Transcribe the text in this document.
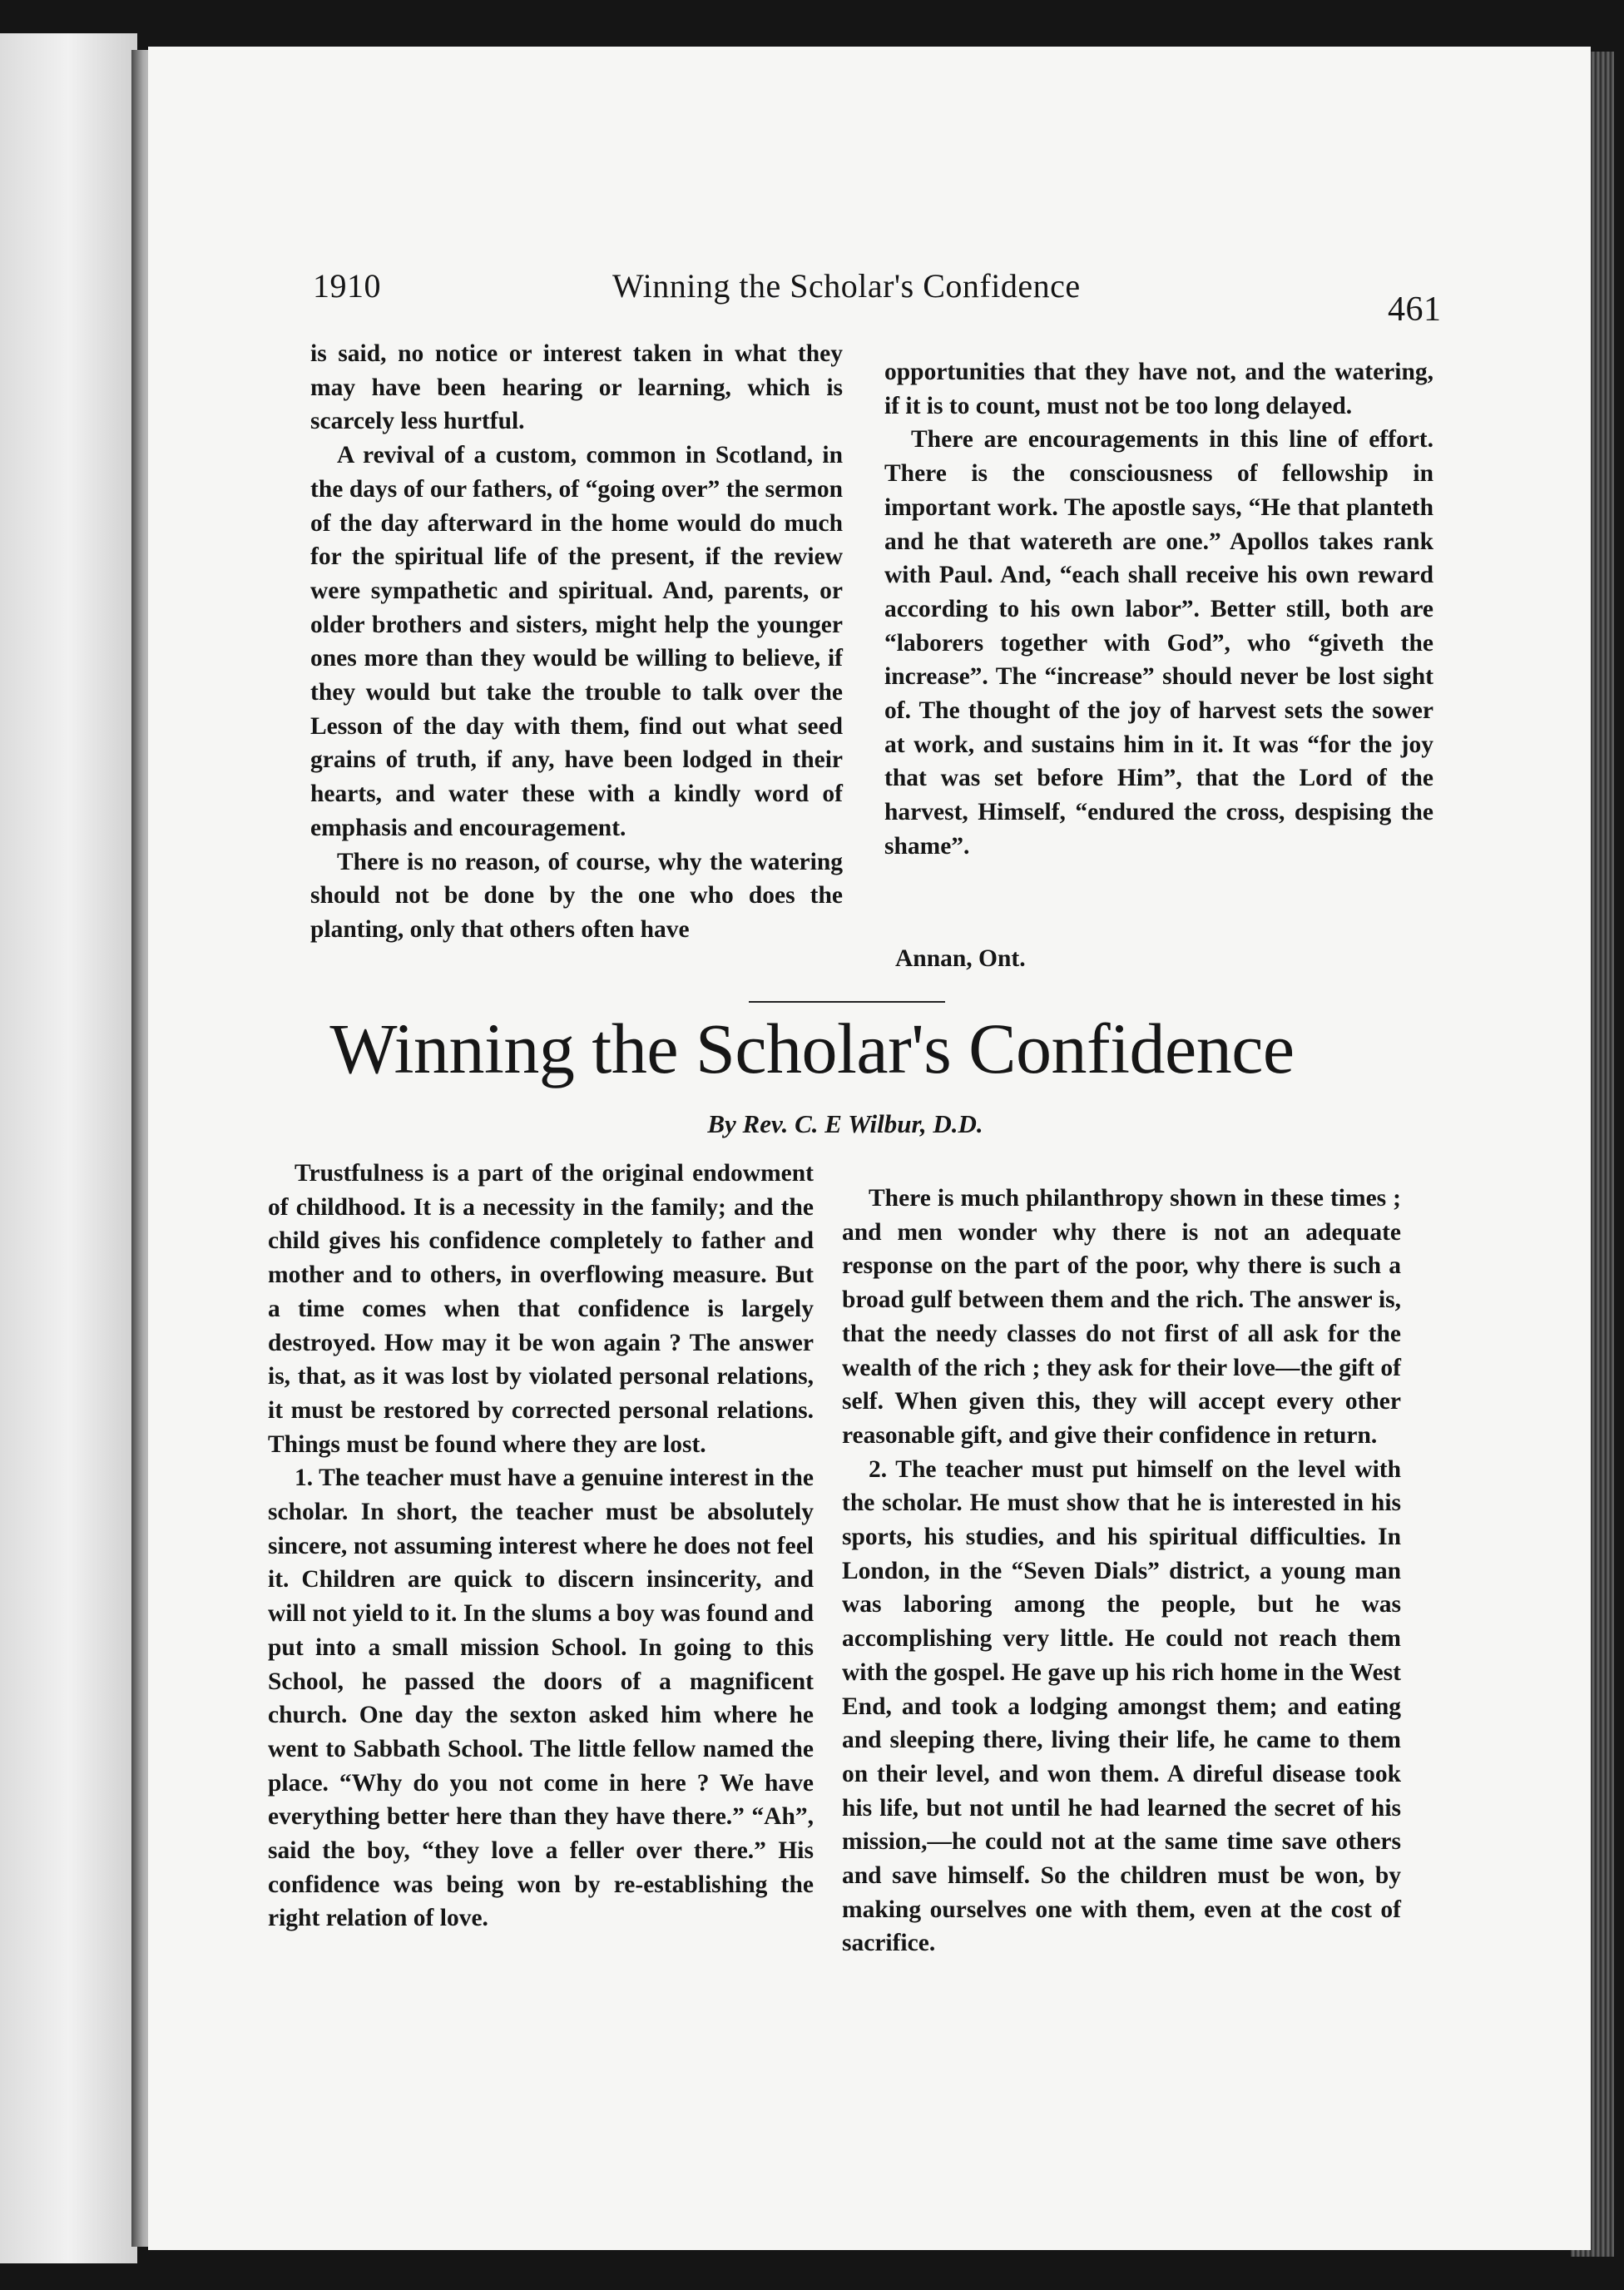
1910	Winning the Scholar's Confidence
461

is said, no notice or interest taken in what they may have been hearing or learning, which is scarcely less hurtful.

A revival of a custom, common in Scotland, in the days of our fathers, of “going over” the sermon of the day afterward in the home would do much for the spiritual life of the present, if the review were sympathetic and spiritual. And, parents, or older brothers and sisters, might help the younger ones more than they would be willing to believe, if they would but take the trouble to talk over the Lesson of the day with them, find out what seed grains of truth, if any, have been lodged in their hearts, and water these with a kindly word of emphasis and encouragement.

There is no reason, of course, why the watering should not be done by the one who does the planting, only that others often have

opportunities that they have not, and the watering, if it is to count, must not be too long delayed.

There are encouragements in this line of effort. There is the consciousness of fellowship in important work. The apostle says, “He that planteth and he that watereth are one.” Apollos takes rank with Paul. And, “each shall receive his own reward according to his own labor”. Better still, both are “laborers together with God”, who “giveth the increase”. The “increase” should never be lost sight of. The thought of the joy of harvest sets the sower at work, and sustains him in it. It was “for the joy that was set before Him”, that the Lord of the harvest, Himself, “endured the cross, despising the shame”.

Annan, Ont.
Winning the Scholar's Confidence
By Rev. C. E Wilbur, D.D.

Trustfulness is a part of the original endowment of childhood. It is a necessity in the family; and the child gives his confidence completely to father and mother and to others, in overflowing measure. But a time comes when that confidence is largely destroyed. How may it be won again ? The answer is, that, as it was lost by violated personal relations, it must be restored by corrected personal relations. Things must be found where they are lost.

1. The teacher must have a genuine interest in the scholar. In short, the teacher must be absolutely sincere, not assuming interest where he does not feel it. Children are quick to discern insincerity, and will not yield to it. In the slums a boy was found and put into a small mission School. In going to this School, he passed the doors of a magnificent church. One day the sexton asked him where he went to Sabbath School. The little fellow named the place. “Why do you not come in here ? We have everything better here than they have there.” “Ah”, said the boy, “they love a feller over there.” His confidence was being won by re-establishing the right relation of love.

There is much philanthropy shown in these times ; and men wonder why there is not an adequate response on the part of the poor, why there is such a broad gulf between them and the rich. The answer is, that the needy classes do not first of all ask for the wealth of the rich ; they ask for their love—the gift of self. When given this, they will accept every other reasonable gift, and give their confidence in return.

2. The teacher must put himself on the level with the scholar. He must show that he is interested in his sports, his studies, and his spiritual difficulties. In London, in the “Seven Dials” district, a young man was laboring among the people, but he was accomplishing very little. He could not reach them with the gospel. He gave up his rich home in the West End, and took a lodging amongst them; and eating and sleeping there, living their life, he came to them on their level, and won them. A direful disease took his life, but not until he had learned the secret of his mission,—he could not at the same time save others and save himself. So the children must be won, by making ourselves one with them, even at the cost of sacrifice.
